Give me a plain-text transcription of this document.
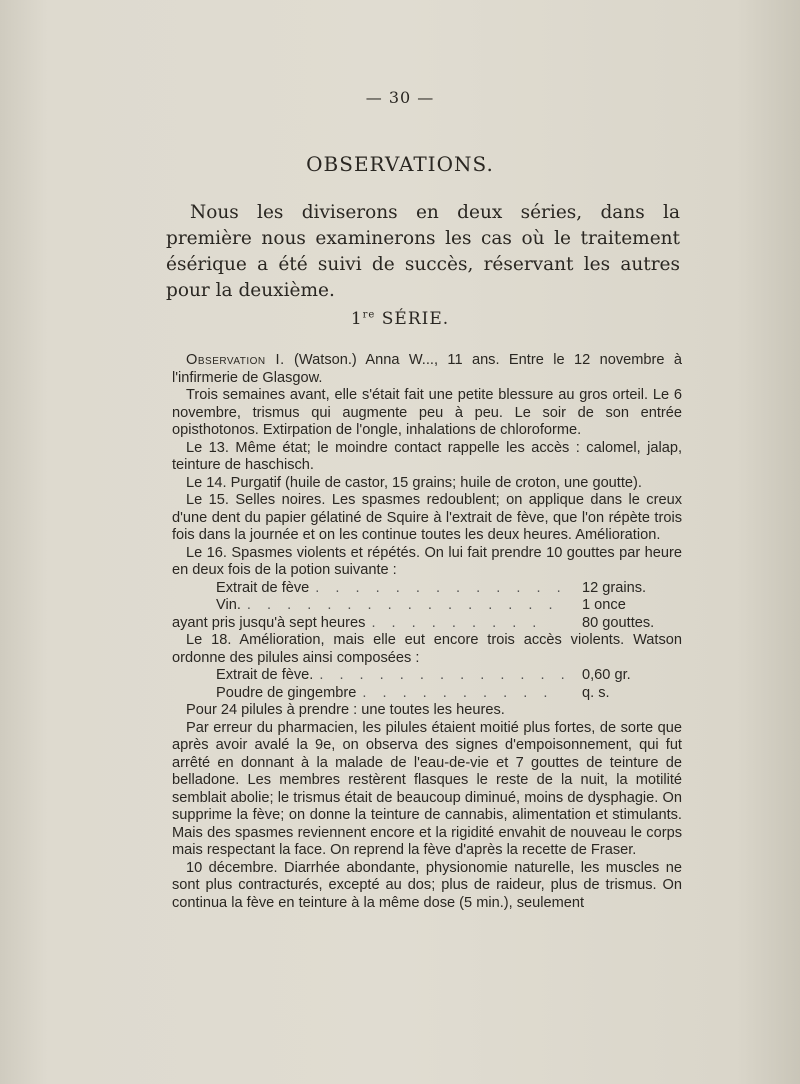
— 30 —
OBSERVATIONS.

Nous les diviserons en deux séries, dans la première nous examinerons les cas où le traitement ésérique a été suivi de succès, réservant les autres pour la deuxième.

1re SÉRIE.

Observation I. (Watson.) Anna W..., 11 ans. Entre le 12 novembre à l'infirmerie de Glasgow.

Trois semaines avant, elle s'était fait une petite blessure au gros orteil. Le 6 novembre, trismus qui augmente peu à peu. Le soir de son entrée opisthotonos. Extirpation de l'ongle, inhalations de chloroforme.

Le 13. Même état; le moindre contact rappelle les accès : calomel, jalap, teinture de haschisch.

Le 14. Purgatif (huile de castor, 15 grains; huile de croton, une goutte).

Le 15. Selles noires. Les spasmes redoublent; on applique dans le creux d'une dent du papier gélatiné de Squire à l'extrait de fève, que l'on répète trois fois dans la journée et on les continue toutes les deux heures. Amélioration.

Le 16. Spasmes violents et répétés. On lui fait prendre 10 gouttes par heure en deux fois de la potion suivante :

Extrait de fève . . . . . . . . . . . . .	12 grains.
Vin. . . . . . . . . . . . . . . . .	1 once
ayant pris jusqu'à sept heures . . . . . . . . .	80 gouttes.

Le 18. Amélioration, mais elle eut encore trois accès violents. Watson ordonne des pilules ainsi composées :

Extrait de fève. . . . . . . . . . . . . . 0,60 gr.
Poudre de gingembre . . . . . . . . . .	q. s.

Pour 24 pilules à prendre : une toutes les heures.

Par erreur du pharmacien, les pilules étaient moitié plus fortes, de sorte que après avoir avalé la 9e, on observa des signes d'empoisonnement, qui fut arrêté en donnant à la malade de l'eau-de-vie et 7 gouttes de teinture de belladone. Les membres restèrent flasques le reste de la nuit, la motilité semblait abolie; le trismus était de beaucoup diminué, moins de dysphagie. On supprime la fève; on donne la teinture de cannabis, alimentation et stimulants. Mais des spasmes reviennent encore et la rigidité envahit de nouveau le corps mais respectant la face. On reprend la fève d'après la recette de Fraser.

10 décembre. Diarrhée abondante, physionomie naturelle, les muscles ne sont plus contracturés, excepté au dos; plus de raideur, plus de trismus. On continua la fève en teinture à la même dose (5 min.), seulement
